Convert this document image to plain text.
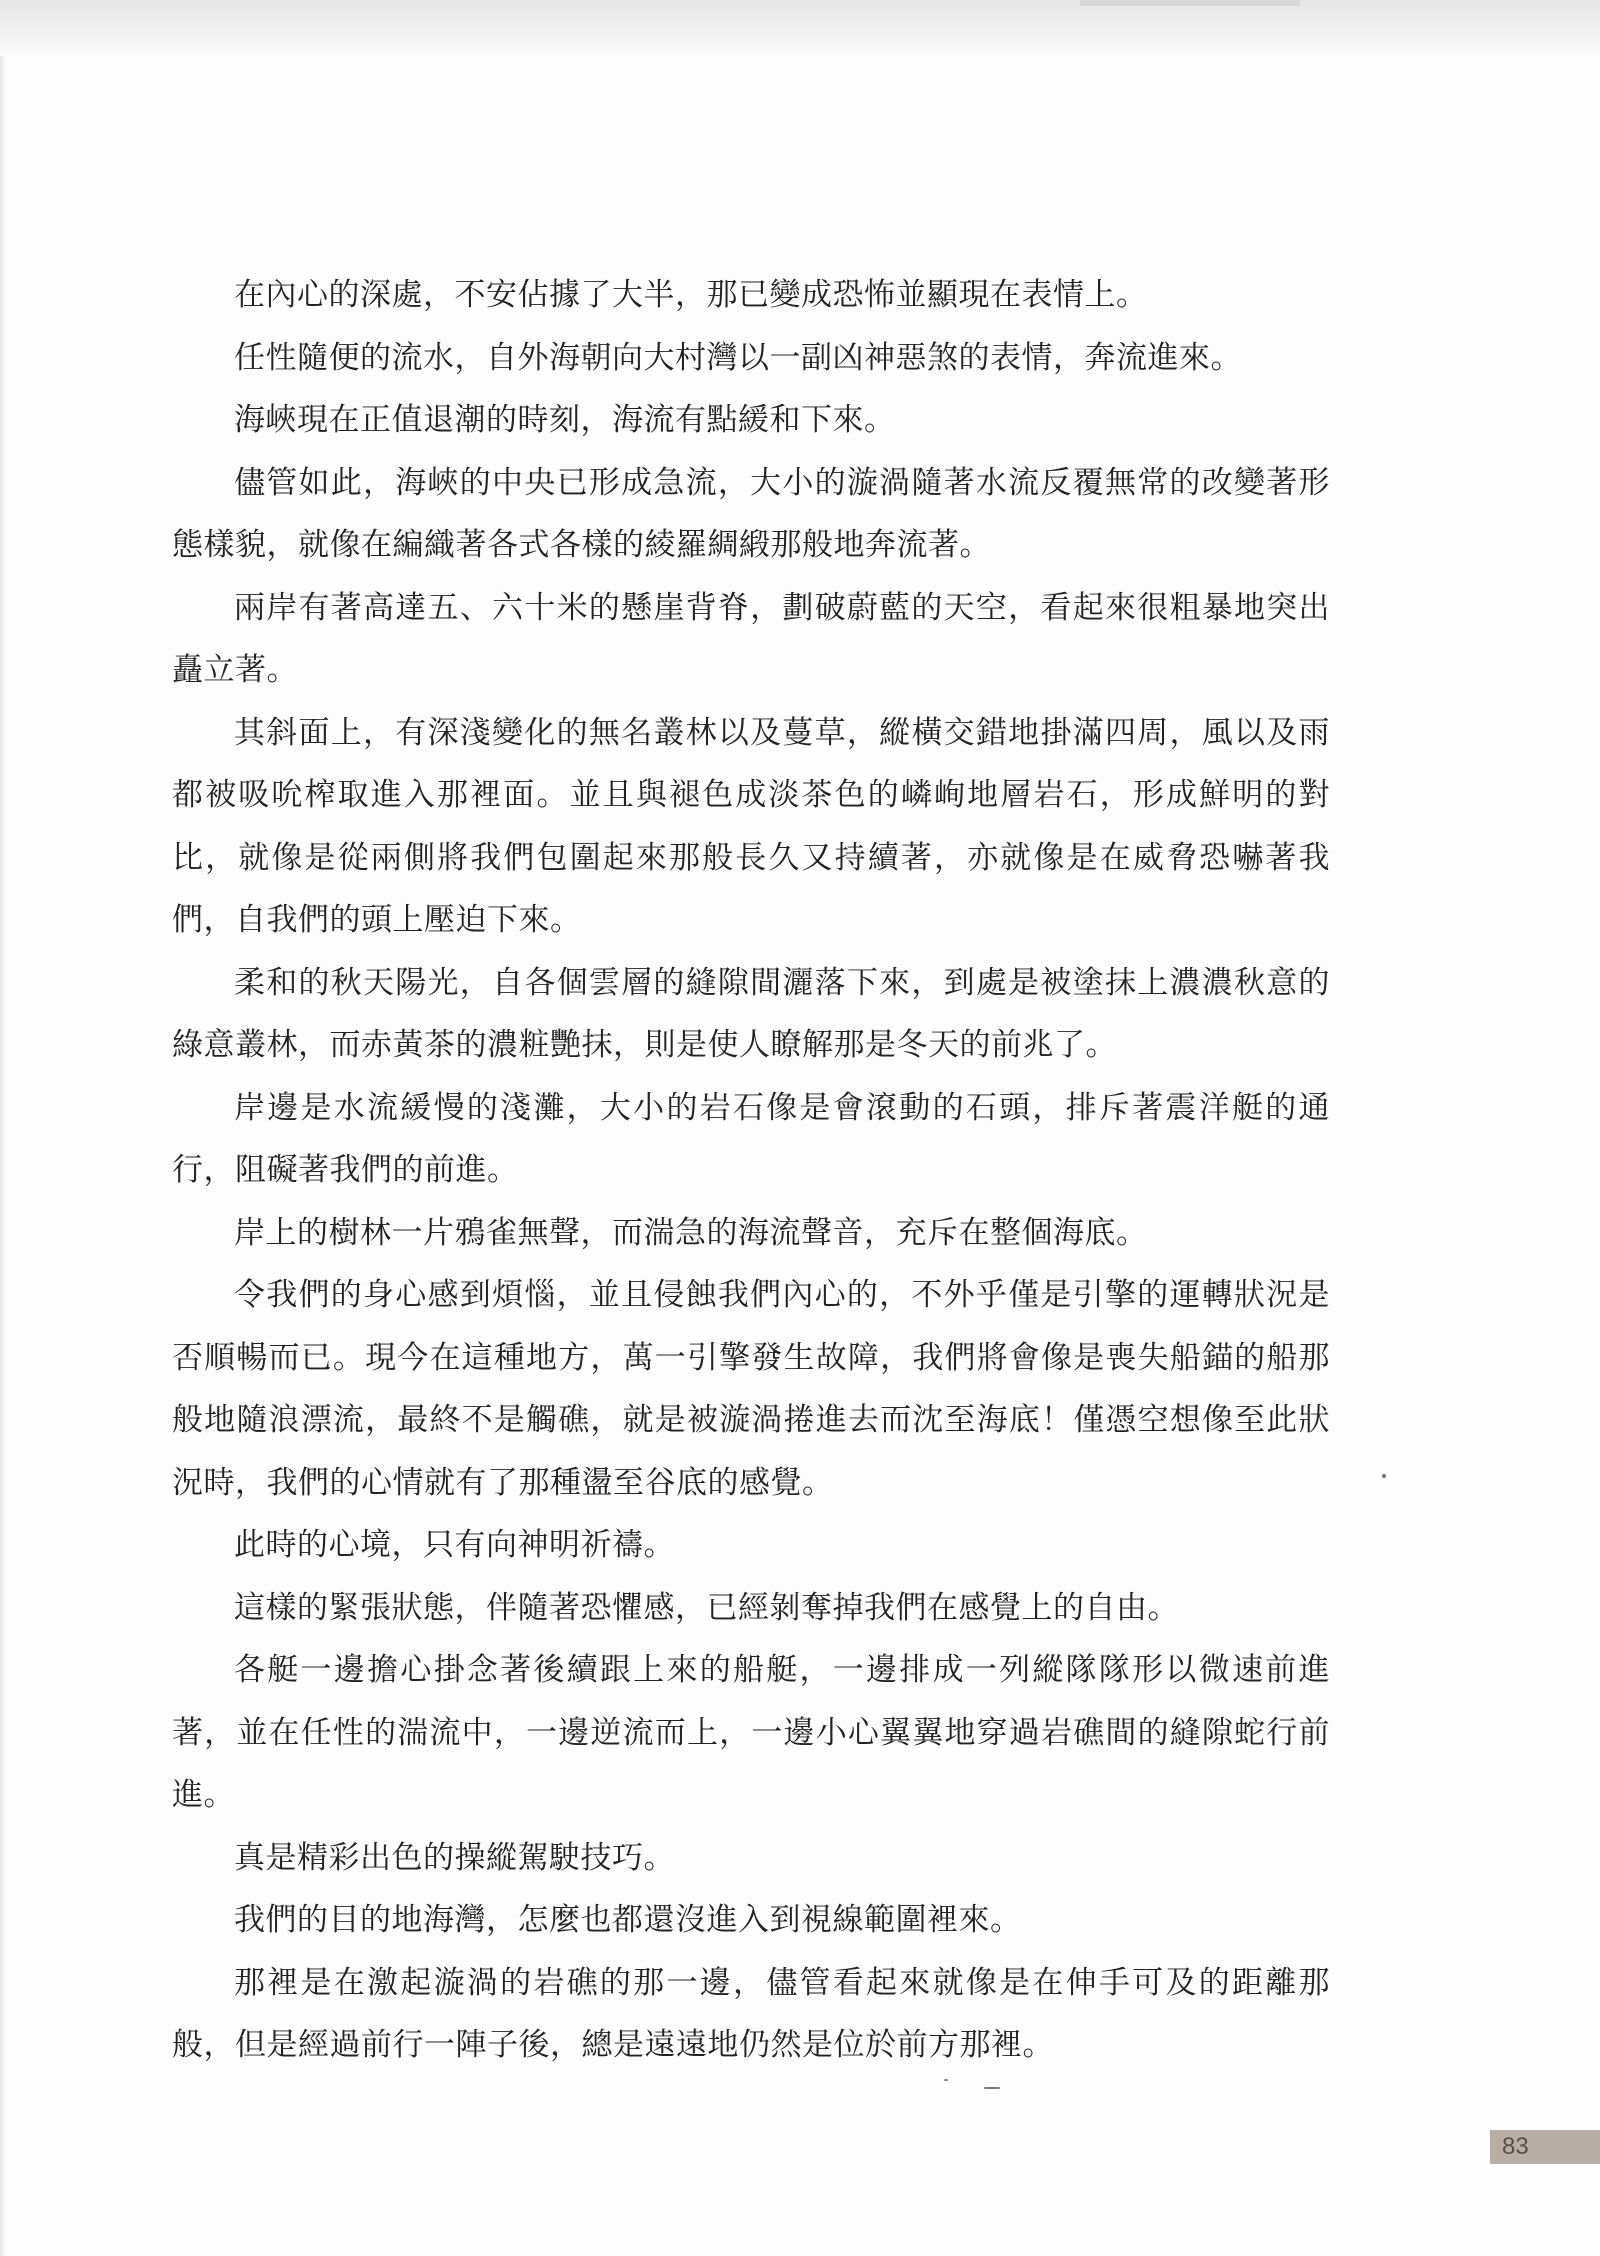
在內心的深處，不安佔據了大半，那已變成恐怖並顯現在表情上。

任性隨便的流水，自外海朝向大村灣以一副凶神惡煞的表情，奔流進來。

海峽現在正值退潮的時刻，海流有點緩和下來。

儘管如此，海峽的中央已形成急流，大小的漩渦隨著水流反覆無常的改變著形態樣貌，就像在編織著各式各樣的綾羅綢緞那般地奔流著。

兩岸有著高達五、六十米的懸崖背脊，劃破蔚藍的天空，看起來很粗暴地突出矗立著。

其斜面上，有深淺變化的無名叢林以及蔓草，縱橫交錯地掛滿四周，風以及雨都被吸吮榨取進入那裡面。並且與褪色成淡茶色的嶙峋地層岩石，形成鮮明的對比，就像是從兩側將我們包圍起來那般長久又持續著，亦就像是在威脅恐嚇著我們，自我們的頭上壓迫下來。

柔和的秋天陽光，自各個雲層的縫隙間灑落下來，到處是被塗抹上濃濃秋意的綠意叢林，而赤黃茶的濃粧艷抹，則是使人瞭解那是冬天的前兆了。

岸邊是水流緩慢的淺灘，大小的岩石像是會滾動的石頭，排斥著震洋艇的通行，阻礙著我們的前進。

岸上的樹林一片鴉雀無聲，而湍急的海流聲音，充斥在整個海底。

令我們的身心感到煩惱，並且侵蝕我們內心的，不外乎僅是引擎的運轉狀況是否順暢而已。現今在這種地方，萬一引擎發生故障，我們將會像是喪失船錨的船那般地隨浪漂流，最終不是觸礁，就是被漩渦捲進去而沈至海底！僅憑空想像至此狀況時，我們的心情就有了那種盪至谷底的感覺。

此時的心境，只有向神明祈禱。

這樣的緊張狀態，伴隨著恐懼感，已經剝奪掉我們在感覺上的自由。

各艇一邊擔心掛念著後續跟上來的船艇，一邊排成一列縱隊隊形以微速前進著，並在任性的湍流中，一邊逆流而上，一邊小心翼翼地穿過岩礁間的縫隙蛇行前進。

真是精彩出色的操縱駕駛技巧。

我們的目的地海灣，怎麼也都還沒進入到視線範圍裡來。

那裡是在激起漩渦的岩礁的那一邊，儘管看起來就像是在伸手可及的距離那般，但是經過前行一陣子後，總是遠遠地仍然是位於前方那裡。

83
